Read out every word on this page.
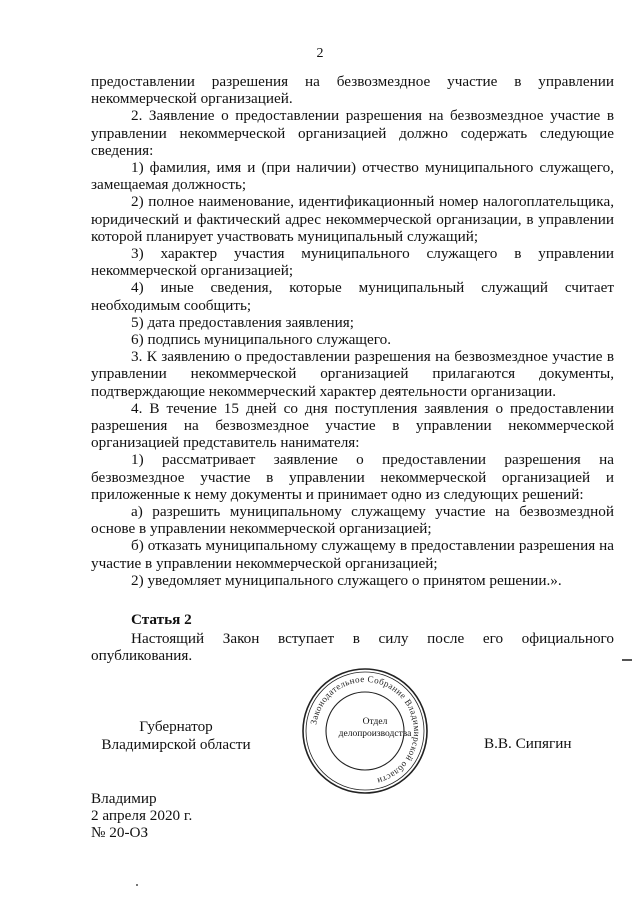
2

предоставлении разрешения на безвозмездное участие в управлении некоммерческой организацией.

2. Заявление о предоставлении разрешения на безвозмездное участие в управлении некоммерческой организацией должно содержать следующие сведения:

1) фамилия, имя и (при наличии) отчество муниципального служащего, замещаемая должность;

2) полное наименование, идентификационный номер налогоплательщика, юридический и фактический адрес некоммерческой организации, в управлении которой планирует участвовать муниципальный служащий;

3) характер участия муниципального служащего в управлении некоммерческой организацией;

4) иные сведения, которые муниципальный служащий считает необходимым сообщить;

5) дата предоставления заявления;

6) подпись муниципального служащего.

3. К заявлению о предоставлении разрешения на безвозмездное участие в управлении некоммерческой организацией прилагаются документы, подтверждающие некоммерческий характер деятельности организации.

4. В течение 15 дней со дня поступления заявления о предоставлении разрешения на безвозмездное участие в управлении некоммерческой организацией представитель нанимателя:

1) рассматривает заявление о предоставлении разрешения на безвозмездное участие в управлении некоммерческой организацией и приложенные к нему документы и принимает одно из следующих решений:

а) разрешить муниципальному служащему участие на безвозмездной основе в управлении некоммерческой организацией;

б) отказать муниципальному служащему в предоставлении разрешения на участие в управлении некоммерческой организацией;

2) уведомляет муниципального служащего о принятом решении.».

Статья 2
Настоящий Закон вступает в силу после его официального опубликования.
Губернатор
Владимирской области
Законодательное Собрание Владимирской области
Отдел
делопроизводства
В.В. Сипягин
Владимир
2 апреля 2020 г.
№ 20-ОЗ
